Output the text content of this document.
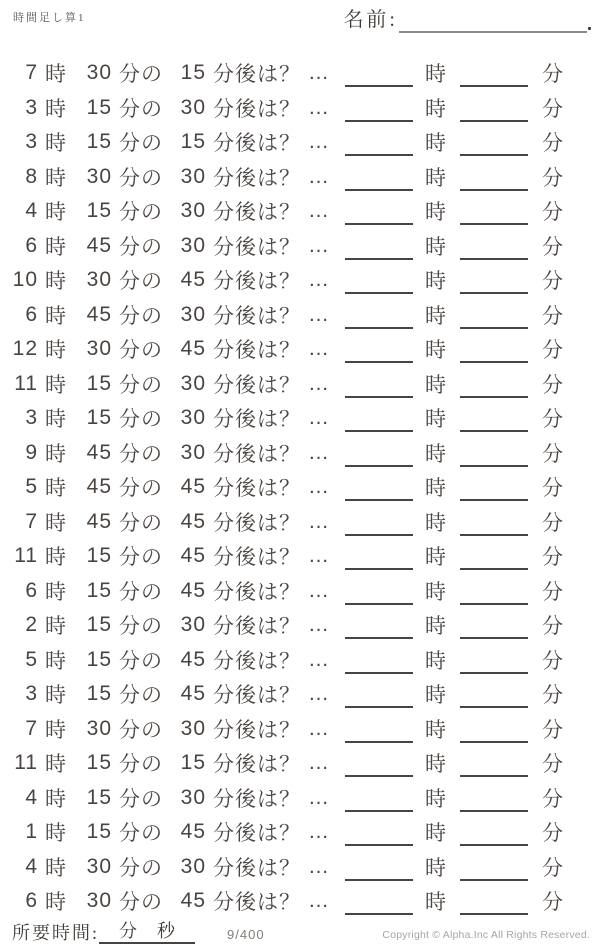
時間足し算1	名前:
7 時 30 分の 15 分後は？ …	時	分
3 時 15 分の 30 分後は？ …	時	分
3 時 15 分の 15 分後は？ …	時	分
8 時 30 分の 30 分後は？ …	時	分
4 時 15 分の 30 分後は？ …	時	分
6 時 45 分の 30 分後は？ …	時	分
10 時 30 分の 45 分後は？ …	時	分
6 時 45 分の 30 分後は？ …	時	分
12 時 30 分の 45 分後は？ …	時	分
11 時 15 分の 30 分後は？ …	時	分
3 時 15 分の 30 分後は？ …	時	分
9 時 45 分の 30 分後は？ …	時	分
5 時 45 分の 45 分後は？ …	時	分
7 時 45 分の 45 分後は？ …	時	分
11 時 15 分の 45 分後は？ …	時	分
6 時 15 分の 45 分後は？ …	時	分
2 時 15 分の 30 分後は？ …	時	分
5 時 15 分の 45 分後は？ …	時	分
3 時 15 分の 45 分後は？ …	時	分
7 時 30 分の 30 分後は？ …	時	分
11 時 15 分の 15 分後は？ …	時	分
4 時 15 分の 30 分後は？ …	時	分
1 時 15 分の 45 分後は？ …	時	分
4 時 30 分の 30 分後は？ …	時	分
6 時 30 分の 45 分後は？ …	時	分
所要時間: 分 秒	9/400	Copyright © Alpha.Inc All Rights Reserved.
